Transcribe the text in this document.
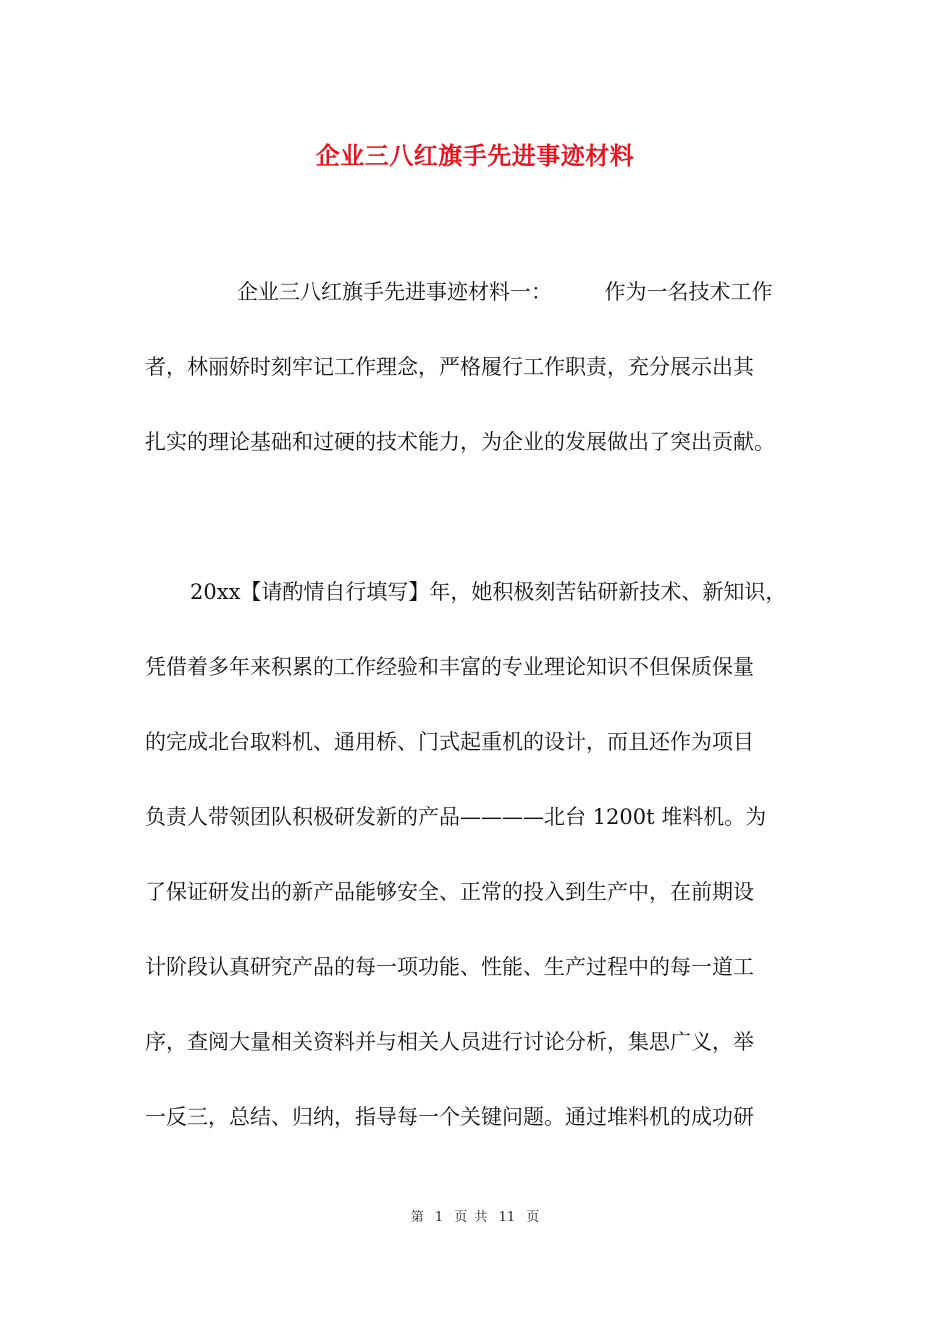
企业三八红旗手先进事迹材料
企业三八红旗手先进事迹材料一：　　　作为一名技术工作
者，林丽娇时刻牢记工作理念，严格履行工作职责，充分展示出其
扎实的理论基础和过硬的技术能力，为企业的发展做出了突出贡献。
20xx【请酌情自行填写】年，她积极刻苦钻研新技术、新知识，
凭借着多年来积累的工作经验和丰富的专业理论知识不但保质保量
的完成北台取料机、通用桥、门式起重机的设计，而且还作为项目
负责人带领团队积极研发新的产品————北台 1200t 堆料机。为
了保证研发出的新产品能够安全、正常的投入到生产中，在前期设
计阶段认真研究产品的每一项功能、性能、生产过程中的每一道工
序，查阅大量相关资料并与相关人员进行讨论分析，集思广义，举
一反三，总结、归纳，指导每一个关键问题。通过堆料机的成功研
第 1 页 共 11 页
